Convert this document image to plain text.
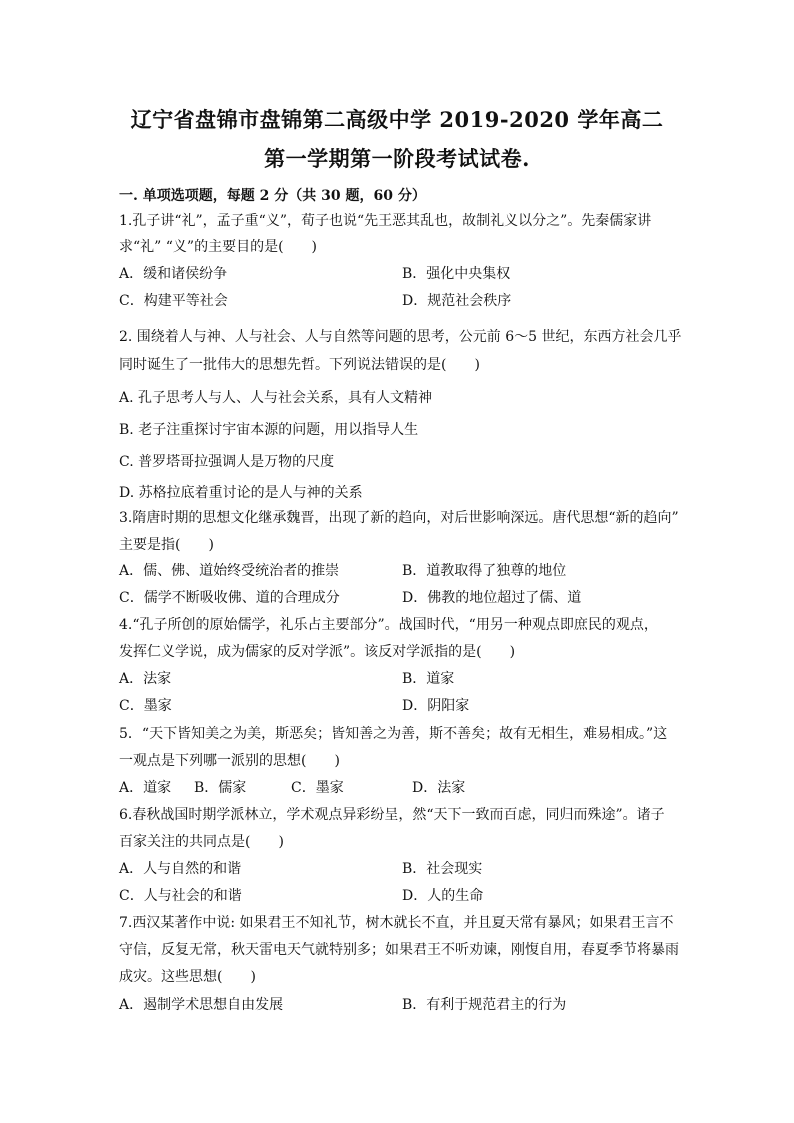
辽宁省盘锦市盘锦第二高级中学 2019-2020 学年高二
第一学期第一阶段考试试卷.
一. 单项选项题，每题 2 分（共 30 题，60 分）
1.孔子讲“礼”，孟子重“义”，荀子也说“先王恶其乱也，故制礼义以分之”。先秦儒家讲
求“礼” “义”的主要目的是(　　)
A．缓和诸侯纷争	B．强化中央集权
C．构建平等社会	D．规范社会秩序
2. 围绕着人与神、人与社会、人与自然等问题的思考，公元前 6～5 世纪，东西方社会几乎
同时诞生了一批伟大的思想先哲。下列说法错误的是(　　)
A. 孔子思考人与人、人与社会关系，具有人文精神
B. 老子注重探讨宇宙本源的问题，用以指导人生
C. 普罗塔哥拉强调人是万物的尺度
D. 苏格拉底着重讨论的是人与神的关系
3.隋唐时期的思想文化继承魏晋，出现了新的趋向，对后世影响深远。唐代思想“新的趋向”
主要是指(　　)
A．儒、佛、道始终受统治者的推崇	B．道教取得了独尊的地位
C．儒学不断吸收佛、道的合理成分	D．佛教的地位超过了儒、道
4.“孔子所创的原始儒学，礼乐占主要部分”。战国时代，“用另一种观点即庶民的观点，
发挥仁义学说，成为儒家的反对学派”。该反对学派指的是(　　)
A．法家	B．道家
C．墨家	D．阴阳家
5．“天下皆知美之为美，斯恶矣；皆知善之为善，斯不善矣；故有无相生，难易相成。”这
一观点是下列哪一派别的思想(　　)
A．道家 B．儒家	C．墨家	D．法家
6.春秋战国时期学派林立，学术观点异彩纷呈，然“天下一致而百虑，同归而殊途”。诸子
百家关注的共同点是(　　)
A．人与自然的和谐	B．社会现实
C．人与社会的和谐	D．人的生命
7.西汉某著作中说: 如果君王不知礼节，树木就长不直，并且夏天常有暴风；如果君王言不
守信，反复无常，秋天雷电天气就特别多；如果君王不听劝谏，刚愎自用，春夏季节将暴雨
成灾。这些思想(　　)
A．遏制学术思想自由发展	B．有利于规范君主的行为
